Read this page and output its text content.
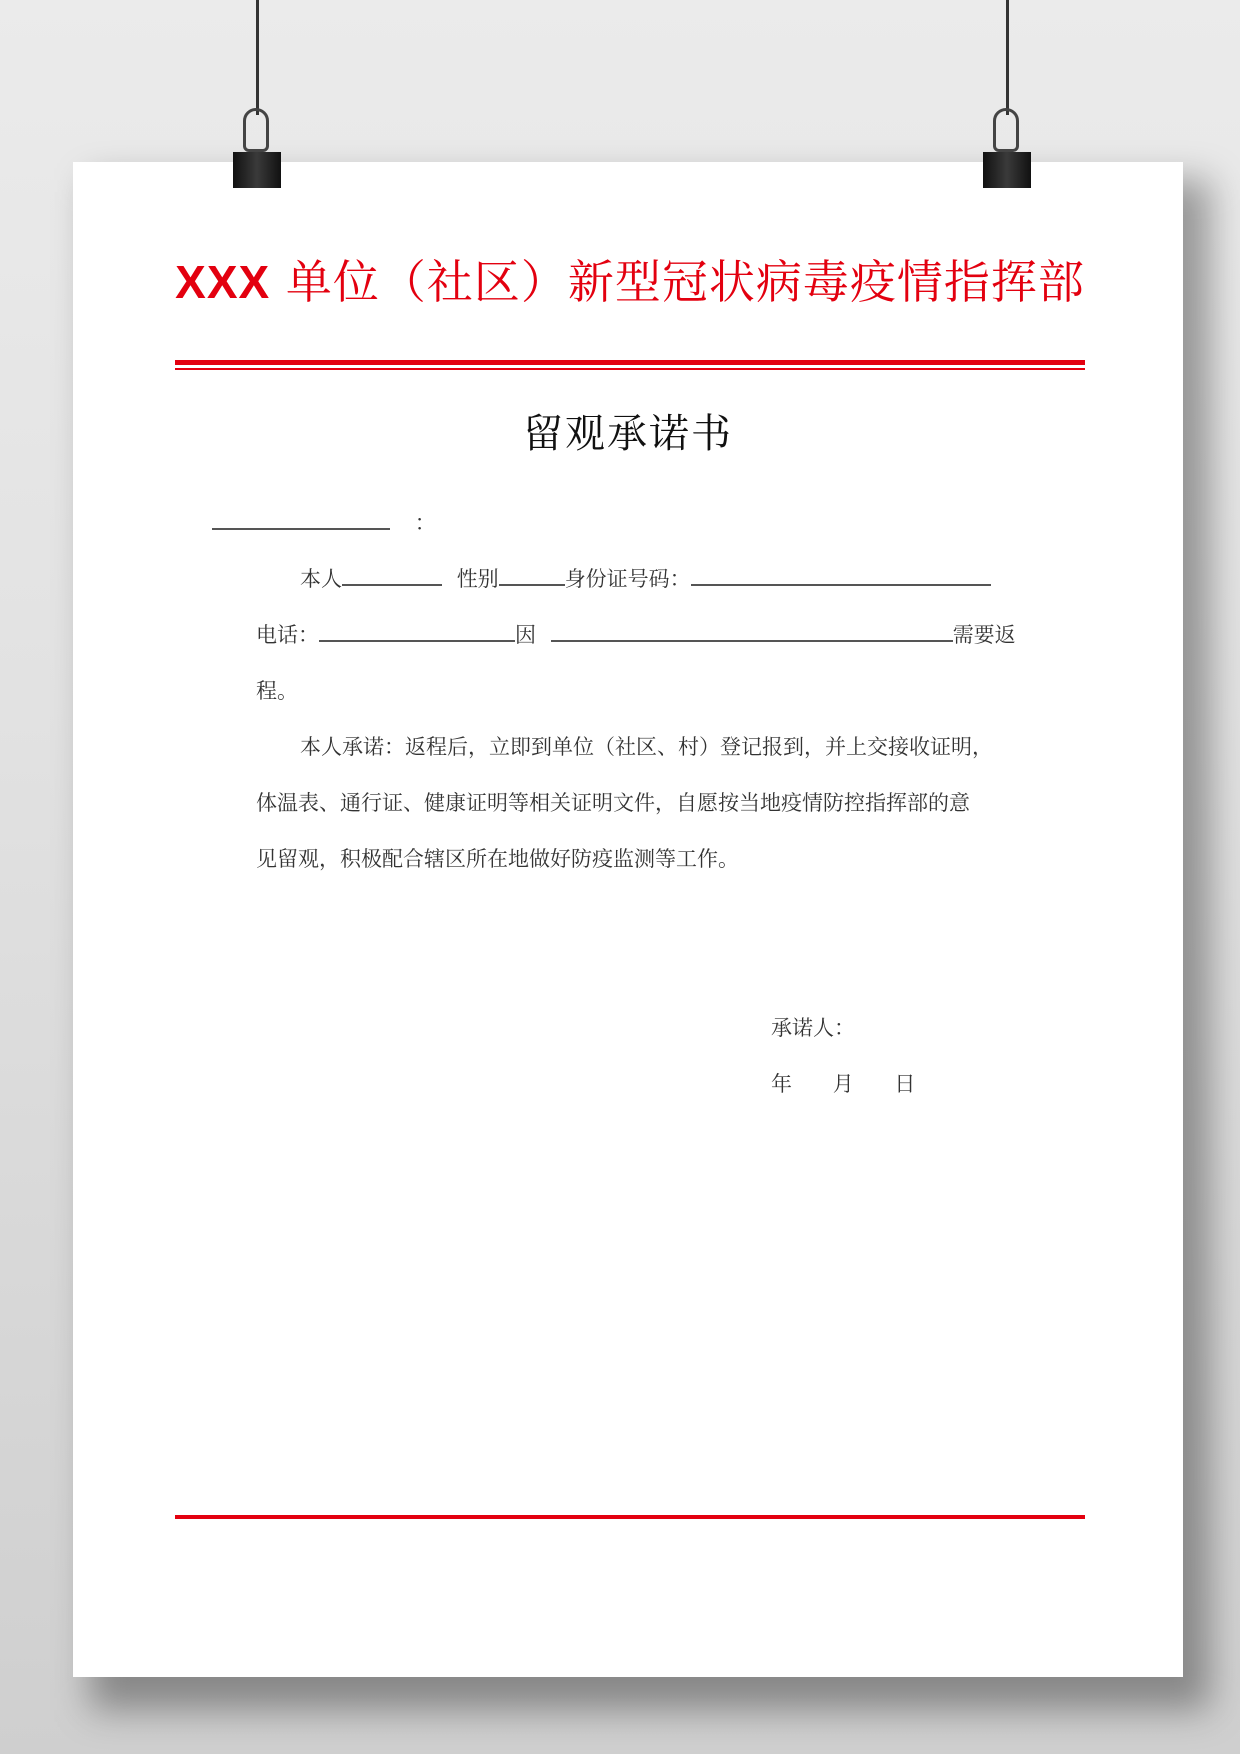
XXX 单位（社区）新型冠状病毒疫情指挥部
留观承诺书
：
本人	性别	身份证号码：
电话：	因	需要返
程。
本人承诺：返程后，立即到单位（社区、村）登记报到，并上交接收证明，
体温表、通行证、健康证明等相关证明文件，自愿按当地疫情防控指挥部的意
见留观，积极配合辖区所在地做好防疫监测等工作。
承诺人：
年 月 日
